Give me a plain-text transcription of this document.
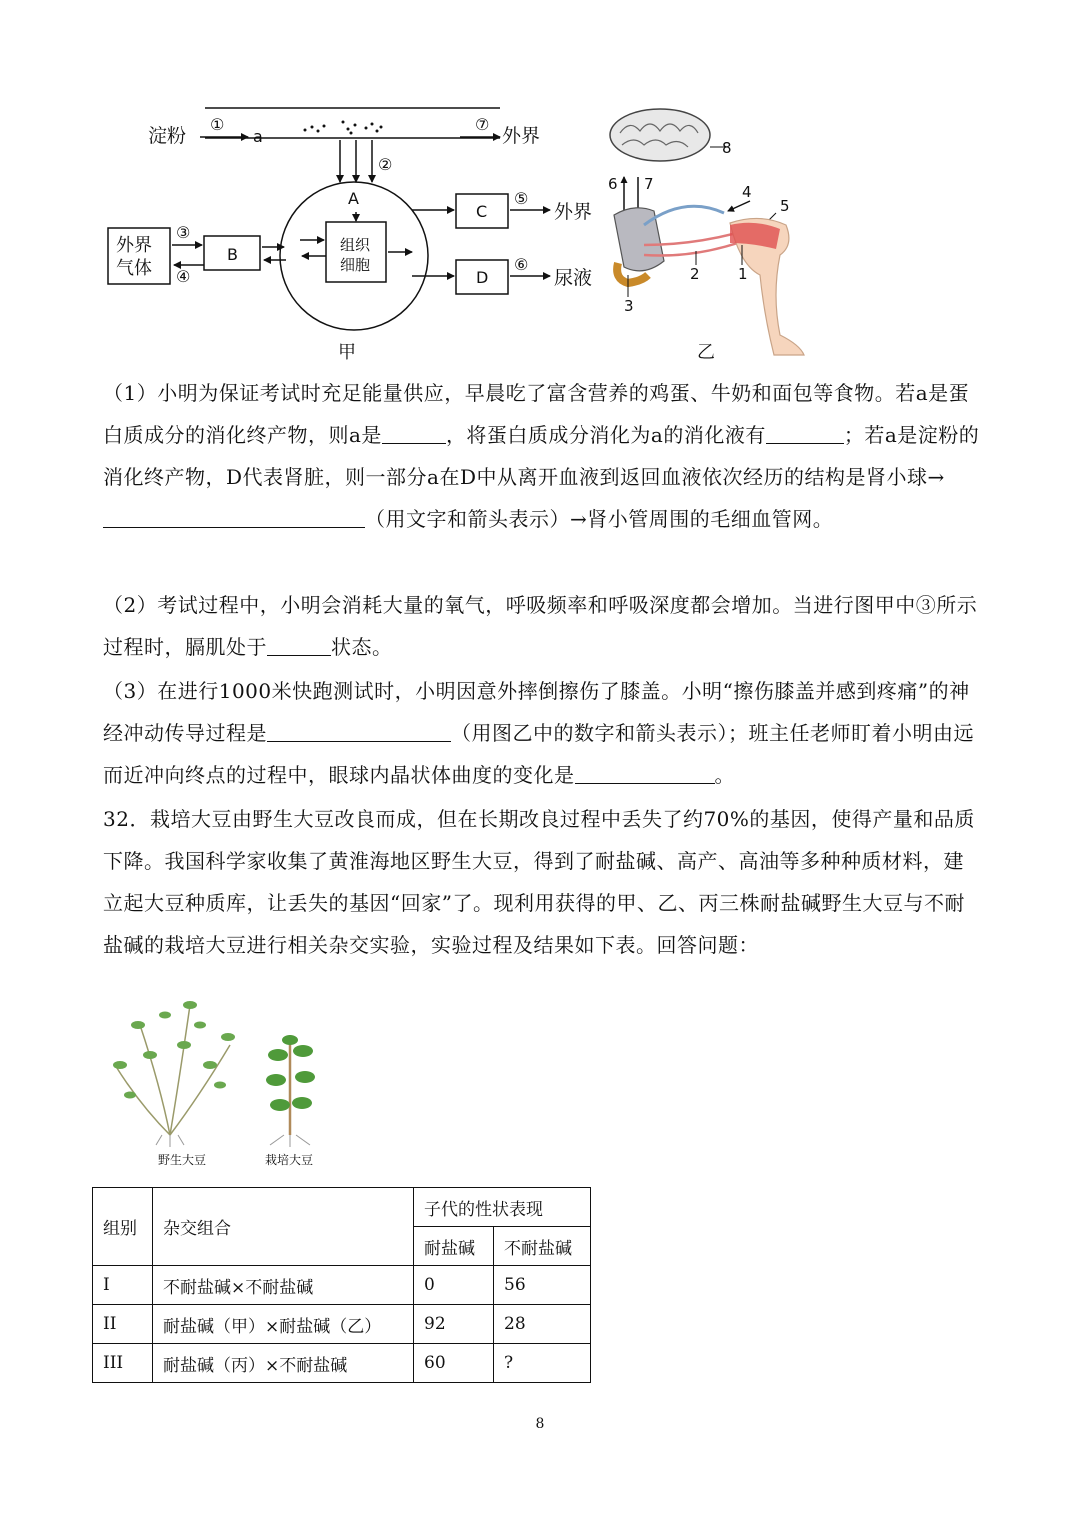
淀粉
①
a
⑦
外界
②
A
组织
细胞
外界
气体
③
④
B
C
⑤
外界
D
⑥
尿液
甲
8
6 7
3
4
5
1
2
乙

（1）小明为保证考试时充足能量供应，早晨吃了富含营养的鸡蛋、牛奶和面包等食物。若a是蛋白质成分的消化终产物，则a是	，将蛋白质成分消化为a的消化液有	；若a是淀粉的消化终产物，D代表肾脏，则一部分a在D中从离开血液到返回血液依次经历的结构是肾小球→（用文字和箭头表示）→肾小管周围的毛细血管网。

（2）考试过程中，小明会消耗大量的氧气，呼吸频率和呼吸深度都会增加。当进行图甲中③所示过程时，膈肌处于	状态。

（3）在进行1000米快跑测试时，小明因意外摔倒擦伤了膝盖。小明“擦伤膝盖并感到疼痛”的神经冲动传导过程是	（用图乙中的数字和箭头表示）；班主任老师盯着小明由远而近冲向终点的过程中，眼球内晶状体曲度的变化是	。

32．栽培大豆由野生大豆改良而成，但在长期改良过程中丢失了约70%的基因，使得产量和品质下降。我国科学家收集了黄淮海地区野生大豆，得到了耐盐碱、高产、高油等多种种质材料，建立起大豆种质库，让丢失的基因“回家”了。现利用获得的甲、乙、丙三株耐盐碱野生大豆与不耐盐碱的栽培大豆进行相关杂交实验，实验过程及结果如下表。回答问题：

野生大豆	栽培大豆
组别	杂交组合	子代的性状表现	
		耐盐碱	不耐盐碱
I	不耐盐碱×不耐盐碱	0	56
II	耐盐碱（甲）×耐盐碱（乙）	92	28
III	耐盐碱（丙）×不耐盐碱	60	?
8
